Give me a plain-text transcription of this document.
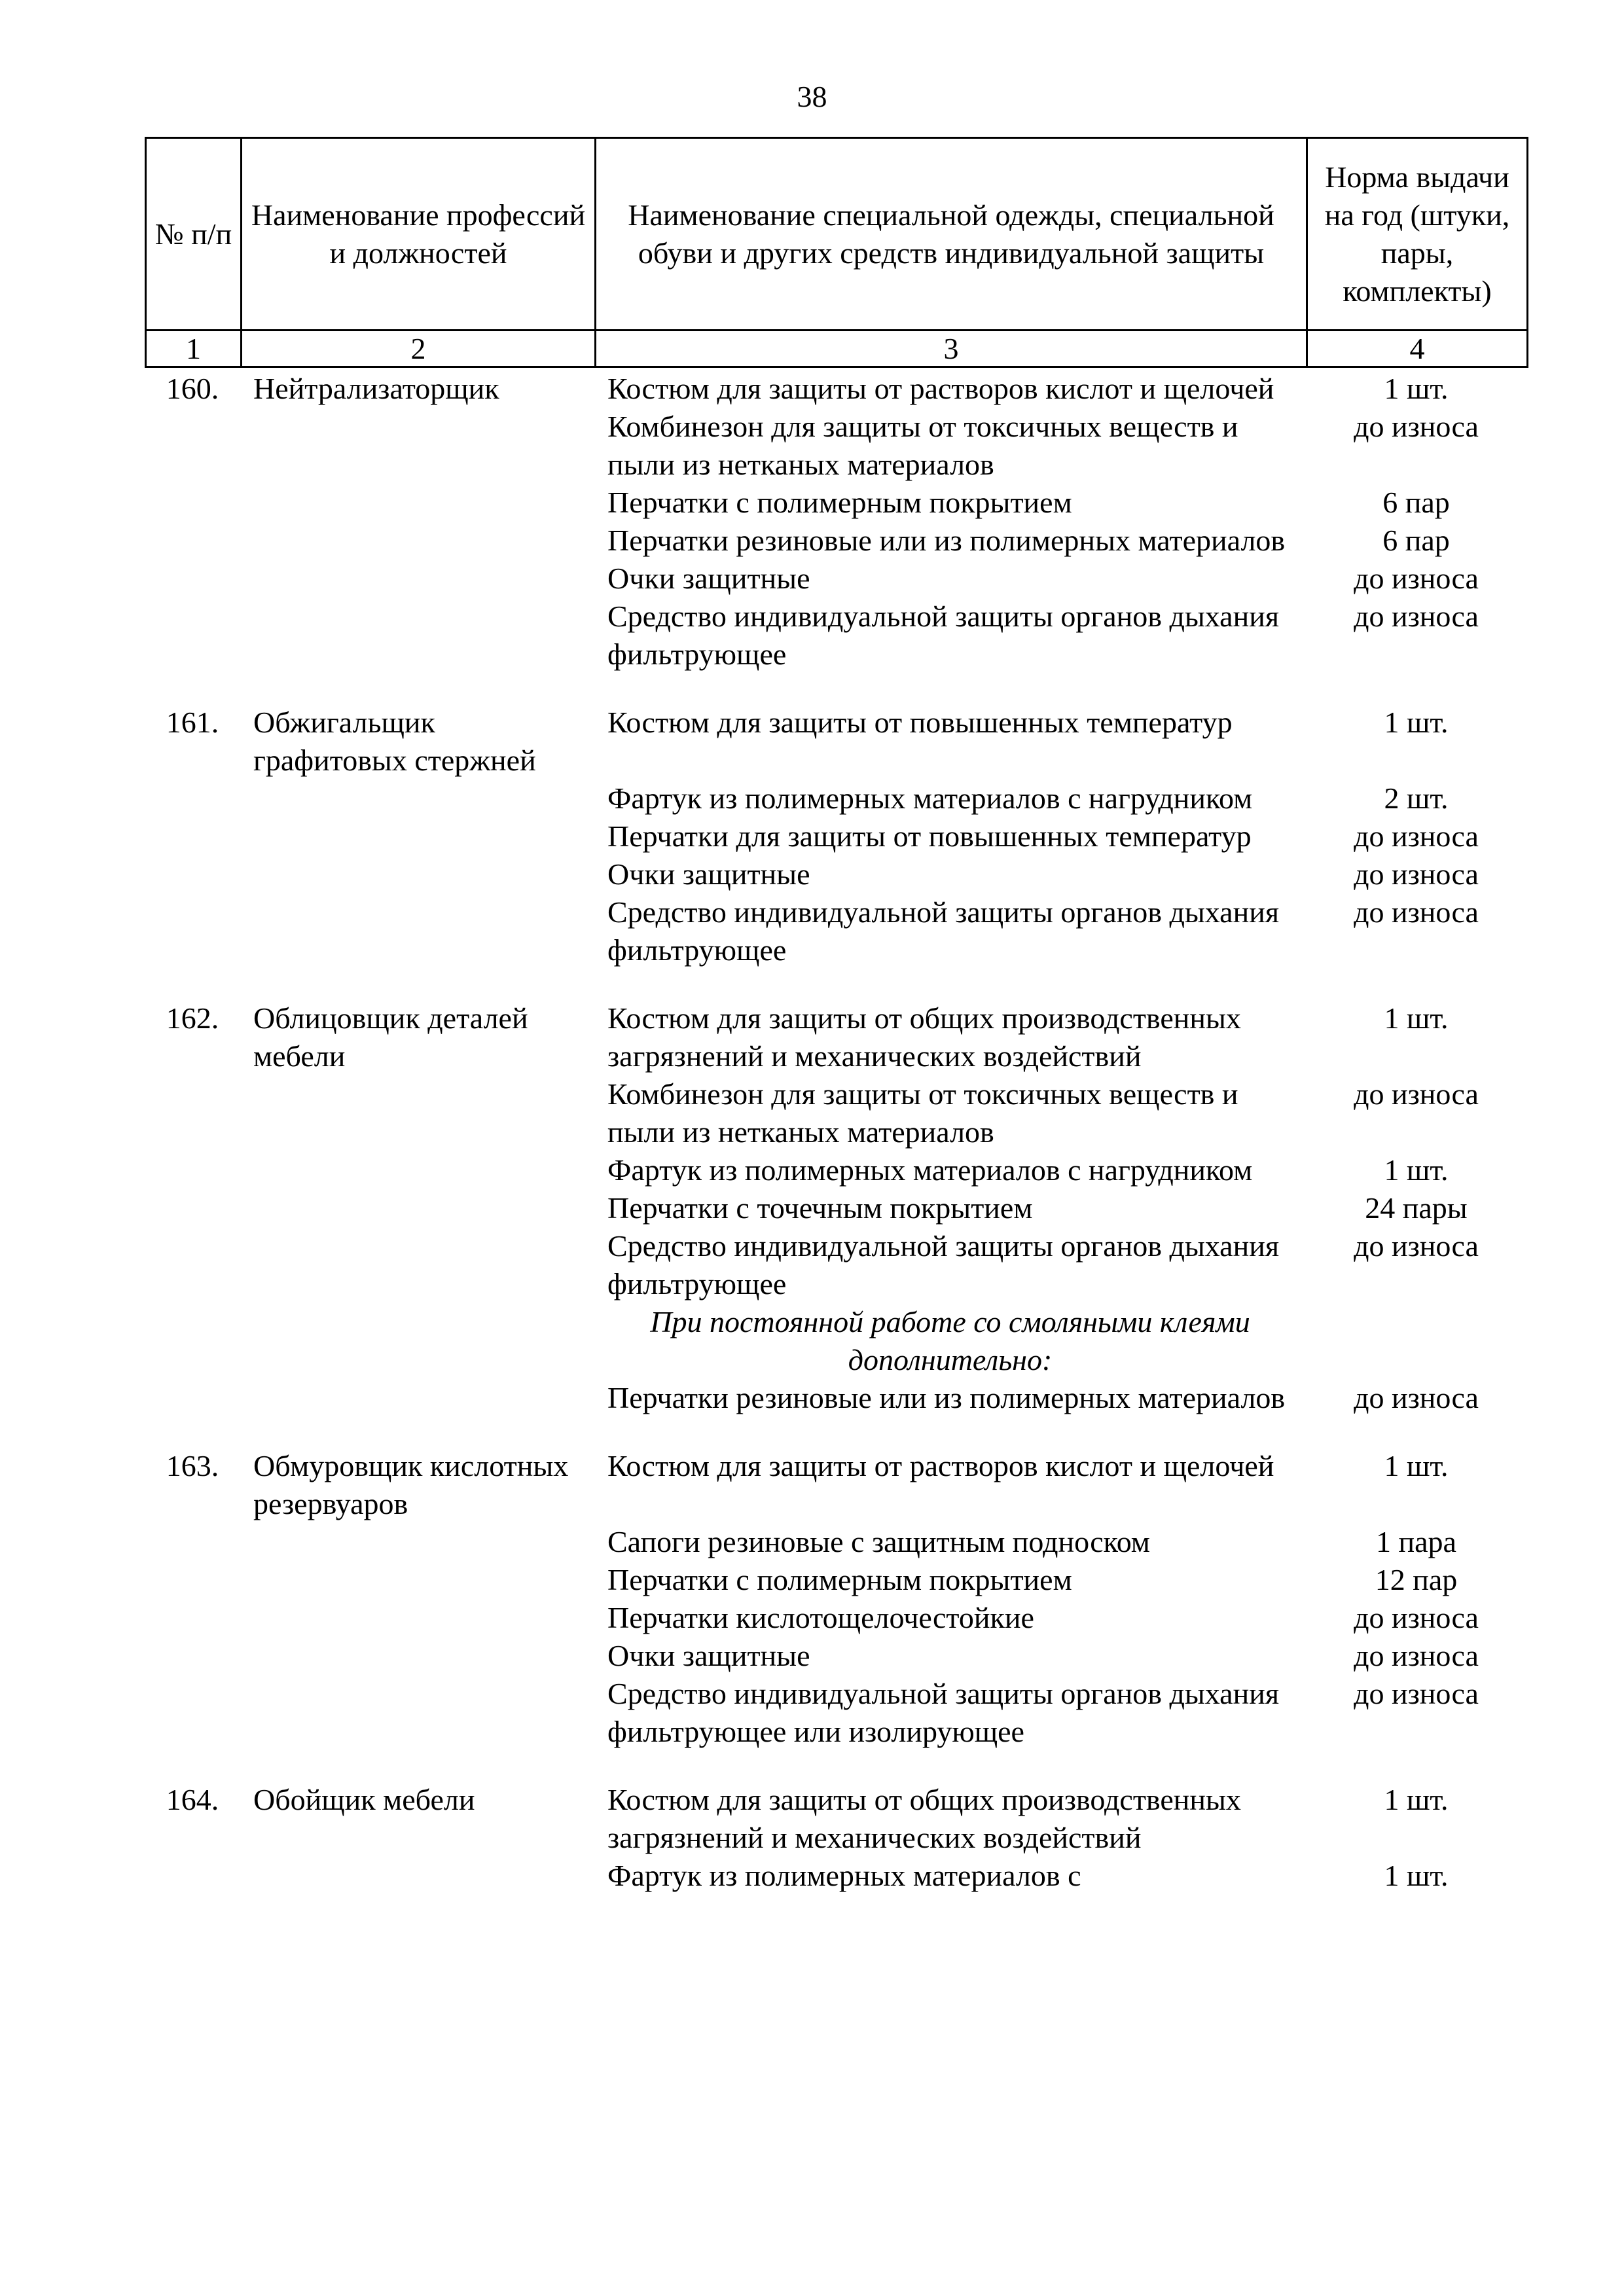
38
№ п/п	Наименование профессий и должностей	Наименование специальной одежды, специальной обуви и других средств индивидуальной защиты	Норма выдачи на год (штуки, пары, комплекты)
1	2	3	4
160.	Нейтрализаторщик	Костюм для защиты от растворов кислот и щелочей	1 шт.
		Комбинезон для защиты от токсичных веществ и пыли из нетканых материалов	до износа
		Перчатки с полимерным покрытием	6 пар
		Перчатки резиновые или из полимерных материалов	6 пар
		Очки защитные	до износа
		Средство индивидуальной защиты органов дыхания фильтрующее	до износа

161.	Обжигальщик графитовых стержней	Костюм для защиты от повышенных температур	1 шт.
		Фартук из полимерных материалов с нагрудником	2 шт.
		Перчатки для защиты от повышенных температур	до износа
		Очки защитные	до износа
		Средство индивидуальной защиты органов дыхания фильтрующее	до износа

162.	Облицовщик деталей мебели	Костюм для защиты от общих производственных загрязнений и механических воздействий	1 шт.
		Комбинезон для защиты от токсичных веществ и пыли из нетканых материалов	до износа
		Фартук из полимерных материалов с нагрудником	1 шт.
		Перчатки с точечным покрытием	24 пары
		Средство индивидуальной защиты органов дыхания фильтрующее	до износа
		При постоянной работе со смоляными клеями дополнительно:	
		Перчатки резиновые или из полимерных материалов	до износа

163.	Обмуровщик кислотных резервуаров	Костюм для защиты от растворов кислот и щелочей	1 шт.
		Сапоги резиновые с защитным подноском	1 пара
		Перчатки с полимерным покрытием	12 пар
		Перчатки кислотощелочестойкие	до износа
		Очки защитные	до износа
		Средство индивидуальной защиты органов дыхания фильтрующее или изолирующее	до износа

164.	Обойщик мебели	Костюм для защиты от общих производственных загрязнений и механических воздействий	1 шт.
		Фартук из полимерных материалов с	1 шт.
